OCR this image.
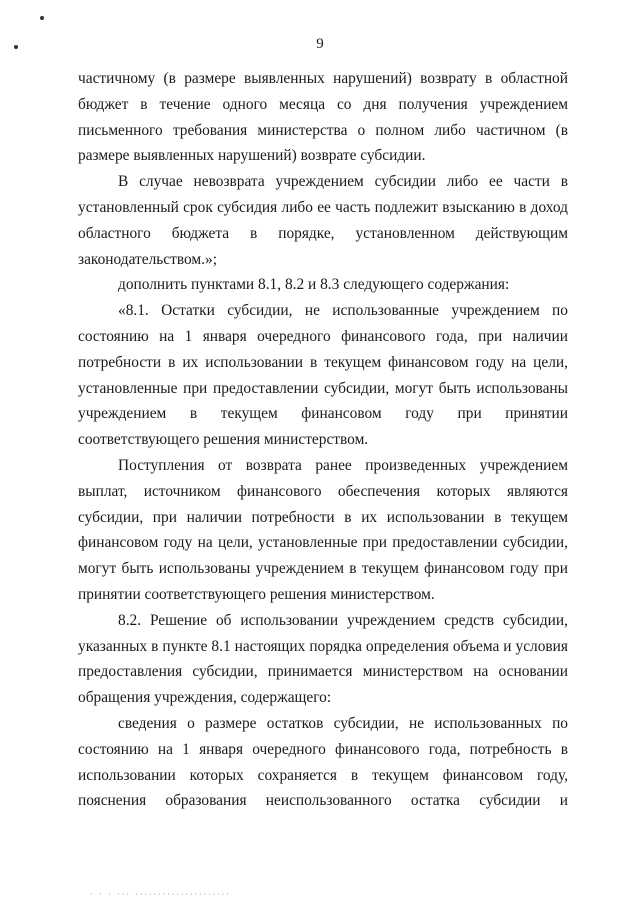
9

частичному (в размере выявленных нарушений) возврату в областной бюджет в течение одного месяца со дня получения учреждением письменного требования министерства о полном либо частичном (в размере выявленных нарушений) возврате субсидии.

В случае невозврата учреждением субсидии либо ее части в установленный срок субсидия либо ее часть подлежит взысканию в доход областного бюджета в порядке, установленном действующим законодательством.»;

дополнить пунктами 8.1, 8.2 и 8.3 следующего содержания:

«8.1. Остатки субсидии, не использованные учреждением по состоянию на 1 января очередного финансового года, при наличии потребности в их использовании в текущем финансовом году на цели, установленные при предоставлении субсидии, могут быть использованы учреждением в текущем финансовом году при принятии соответствующего решения министерством.

Поступления от возврата ранее произведенных учреждением выплат, источником финансового обеспечения которых являются субсидии, при наличии потребности в их использовании в текущем финансовом году на цели, установленные при предоставлении субсидии, могут быть использованы учреждением в текущем финансовом году при принятии соответствующего решения министерством.

8.2. Решение об использовании учреждением средств субсидии, указанных в пункте 8.1 настоящих порядка определения объема и условия предоставления субсидии, принимается министерством на основании обращения учреждения, содержащего:

сведения о размере остатков субсидии, не использованных по состоянию на 1 января очередного финансового года, потребность в использовании которых сохраняется в текущем финансовом году, пояснения образования неиспользованного остатка субсидии и

· · · ··· ·····················
